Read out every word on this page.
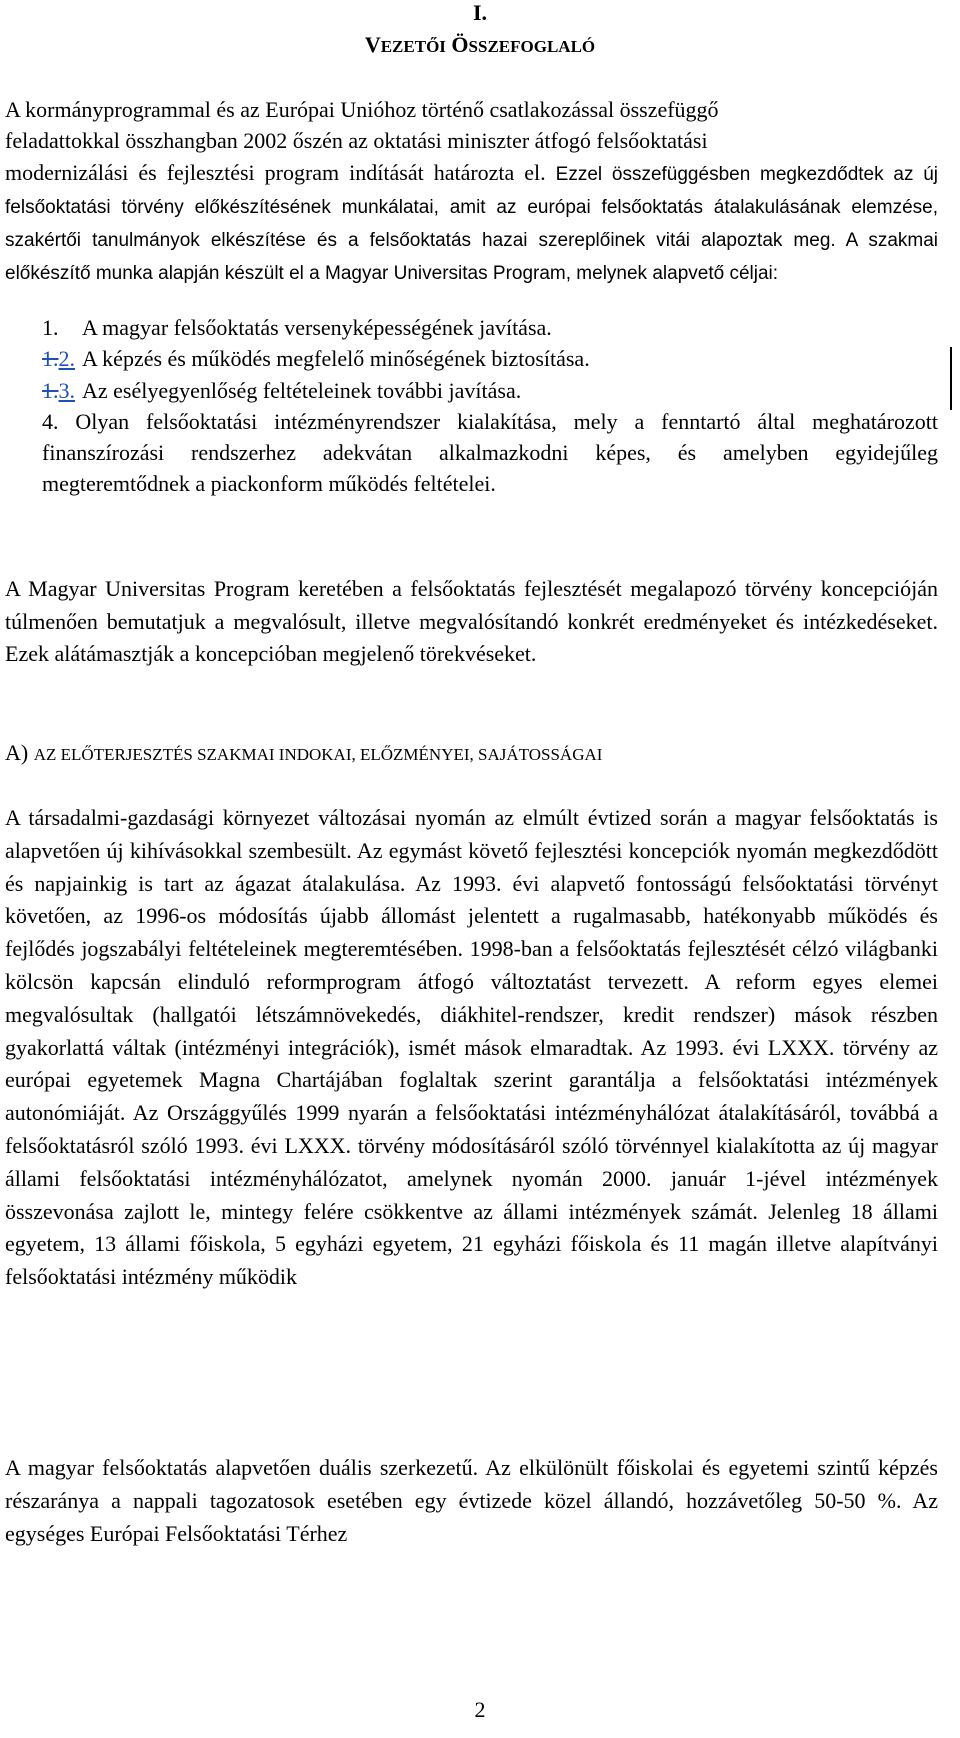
I.
VEZETŐI ÖSSZEFOGLALÓ
A kormányprogrammal és az Európai Unióhoz történő csatlakozással összefüggő
feladattokkal összhangban 2002 őszén az oktatási miniszter átfogó felsőoktatási
modernizálási és fejlesztési program indítását határozta el. Ezzel összefüggésben megkezdődtek az új felsőoktatási törvény előkészítésének munkálatai, amit az európai felsőoktatás átalakulásának elemzése, szakértői tanulmányok elkészítése és a felsőoktatás hazai szereplőinek vitái alapoztak meg. A szakmai előkészítő munka alapján készült el a Magyar Universitas Program, melynek alapvető céljai:
1.	A magyar felsőoktatás versenyképességének javítása.
1.2. A képzés és működés megfelelő minőségének biztosítása.
1.3. Az esélyegyenlőség feltételeinek további javítása.
4. Olyan felsőoktatási intézményrendszer kialakítása, mely a fenntartó által meghatározott finanszírozási rendszerhez adekvátan alkalmazkodni képes, és amelyben egyidejűleg megteremtődnek a piackonform működés feltételei.

A Magyar Universitas Program keretében a felsőoktatás fejlesztését megalapozó törvény koncepcióján túlmenően bemutatjuk a megvalósult, illetve megvalósítandó konkrét eredményeket és intézkedéseket. Ezek alátámasztják a koncepcióban megjelenő törekvéseket.

A) AZ ELŐTERJESZTÉS SZAKMAI INDOKAI, ELŐZMÉNYEI, SAJÁTOSSÁGAI

A társadalmi-gazdasági környezet változásai nyomán az elmúlt évtized során a magyar felsőoktatás is alapvetően új kihívásokkal szembesült. Az egymást követő fejlesztési koncepciók nyomán megkezdődött és napjainkig is tart az ágazat átalakulása. Az 1993. évi alapvető fontosságú felsőoktatási törvényt követően, az 1996-os módosítás újabb állomást jelentett a rugalmasabb, hatékonyabb működés és fejlődés jogszabályi feltételeinek megteremtésében. 1998-ban a felsőoktatás fejlesztését célzó világbanki kölcsön kapcsán elinduló reformprogram átfogó változtatást tervezett. A reform egyes elemei megvalósultak (hallgatói létszámnövekedés, diákhitel-rendszer, kredit rendszer) mások részben gyakorlattá váltak (intézményi integrációk), ismét mások elmaradtak. Az 1993. évi LXXX. törvény az európai egyetemek Magna Chartájában foglaltak szerint garantálja a felsőoktatási intézmények autonómiáját. Az Országgyűlés 1999 nyarán a felsőoktatási intézményhálózat átalakításáról, továbbá a felsőoktatásról szóló 1993. évi LXXX. törvény módosításáról szóló törvénnyel kialakította az új magyar állami felsőoktatási intézményhálózatot, amelynek nyomán 2000. január 1-jével intézmények összevonása zajlott le, mintegy felére csökkentve az állami intézmények számát. Jelenleg 18 állami egyetem, 13 állami főiskola, 5 egyházi egyetem, 21 egyházi főiskola és 11 magán illetve alapítványi felsőoktatási intézmény működik

A magyar felsőoktatás alapvetően duális szerkezetű. Az elkülönült főiskolai és egyetemi szintű képzés részaránya a nappali tagozatosok esetében egy évtizede közel állandó, hozzávetőleg 50-50 %. Az egységes Európai Felsőoktatási Térhez

2
